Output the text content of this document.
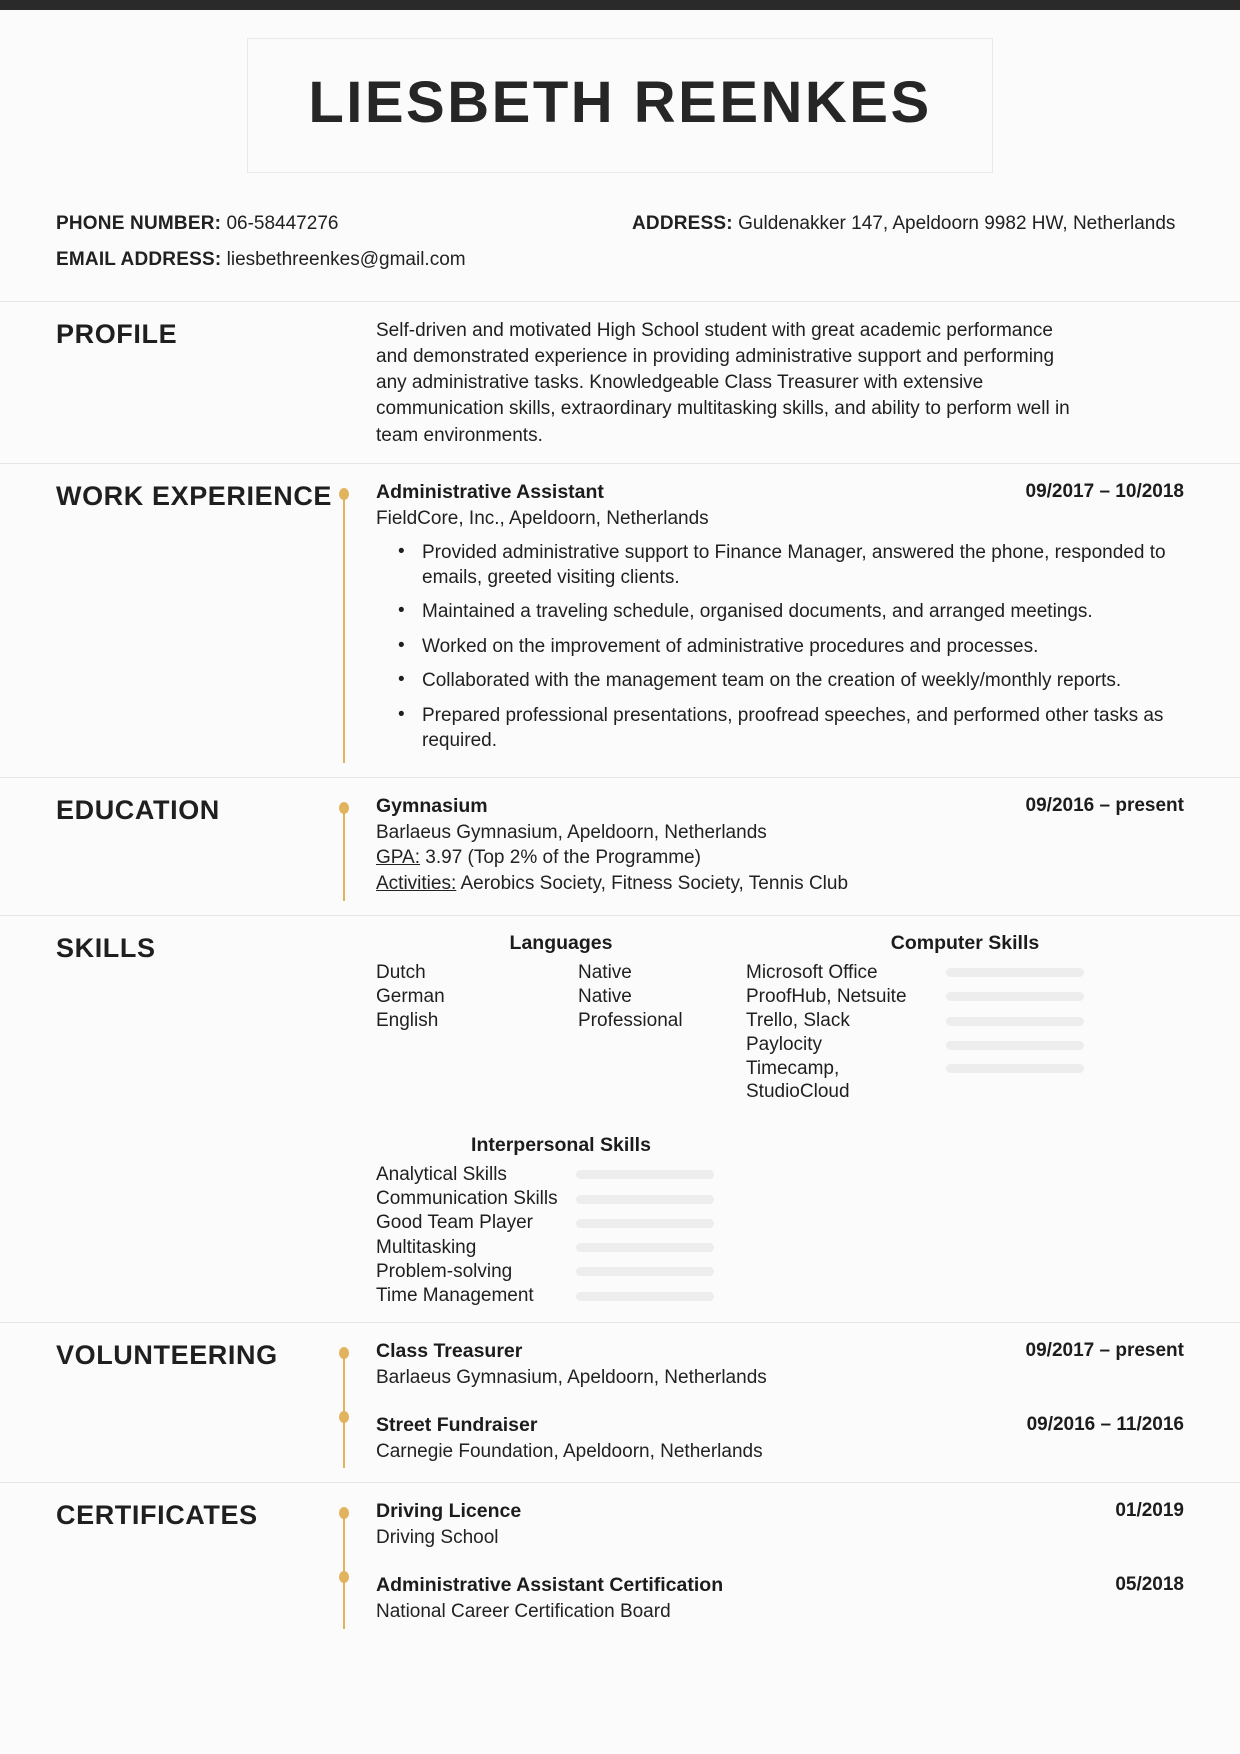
LIESBETH REENKES
PHONE NUMBER: 06-58447276
EMAIL ADDRESS: liesbethreenkes@gmail.com
ADDRESS: Guldenakker 147, Apeldoorn 9982 HW, Netherlands
PROFILE	Self-driven and motivated High School student with great academic performance and demonstrated experience in providing administrative support and performing any administrative tasks. Knowledgeable Class Treasurer with extensive communication skills, extraordinary multitasking skills, and ability to perform well in team environments.
WORK EXPERIENCE	Administrative Assistant	09/2017 – 10/2018
FieldCore, Inc., Apeldoorn, Netherlands
• Provided administrative support to Finance Manager, answered the phone, responded to emails, greeted visiting clients.
• Maintained a traveling schedule, organised documents, and arranged meetings.
• Worked on the improvement of administrative procedures and processes.
• Collaborated with the management team on the creation of weekly/monthly reports.
• Prepared professional presentations, proofread speeches, and performed other tasks as required.
EDUCATION	Gymnasium	09/2016 – present
Barlaeus Gymnasium, Apeldoorn, Netherlands
GPA: 3.97 (Top 2% of the Programme)
Activities: Aerobics Society, Fitness Society, Tennis Club
SKILLS	Languages
Dutch	Native
German	Native
English	Professional
Computer Skills
Microsoft Office
ProofHub, Netsuite
Trello, Slack
Paylocity
Timecamp,
StudioCloud
Interpersonal Skills
Analytical Skills
Communication Skills
Good Team Player
Multitasking
Problem-solving
Time Management
VOLUNTEERING	Class Treasurer	09/2017 – present
Barlaeus Gymnasium, Apeldoorn, Netherlands
Street Fundraiser	09/2016 – 11/2016
Carnegie Foundation, Apeldoorn, Netherlands
CERTIFICATES	Driving Licence	01/2019
Driving School
Administrative Assistant Certification	05/2018
National Career Certification Board
